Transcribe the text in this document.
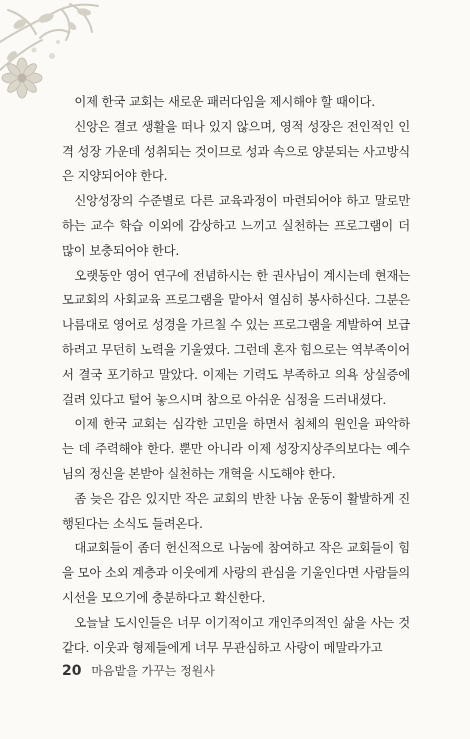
이제 한국 교회는 새로운 패러다임을 제시해야 할 때이다.

신앙은 결코 생활을 떠나 있지 않으며, 영적 성장은 전인적인 인격 성장 가운데 성취되는 것이므로 성과 속으로 양분되는 사고방식은 지양되어야 한다.

신앙성장의 수준별로 다른 교육과정이 마련되어야 하고 말로만 하는 교수 학습 이외에 감상하고 느끼고 실천하는 프로그램이 더 많이 보충되어야 한다.

오랫동안 영어 연구에 전념하시는 한 권사님이 계시는데 현재는 모교회의 사회교육 프로그램을 맡아서 열심히 봉사하신다. 그분은 나름대로 영어로 성경을 가르칠 수 있는 프로그램을 계발하여 보급하려고 무던히 노력을 기울였다. 그런데 혼자 힘으로는 역부족이어서 결국 포기하고 말았다. 이제는 기력도 부족하고 의욕 상실증에 걸려 있다고 털어 놓으시며 참으로 아쉬운 심정을 드러내셨다.

이제 한국 교회는 심각한 고민을 하면서 침체의 원인을 파악하는 데 주력해야 한다. 뿐만 아니라 이제 성장지상주의보다는 예수님의 정신을 본받아 실천하는 개혁을 시도해야 한다.

좀 늦은 감은 있지만 작은 교회의 반찬 나눔 운동이 활발하게 진행된다는 소식도 들려온다.

대교회들이 좀더 헌신적으로 나눔에 참여하고 작은 교회들이 힘을 모아 소외 계층과 이웃에게 사랑의 관심을 기울인다면 사람들의 시선을 모으기에 충분하다고 확신한다.

오늘날 도시인들은 너무 이기적이고 개인주의적인 삶을 사는 것 같다. 이웃과 형제들에게 너무 무관심하고 사랑이 메말라가고

20 마음밭을 가꾸는 정원사
